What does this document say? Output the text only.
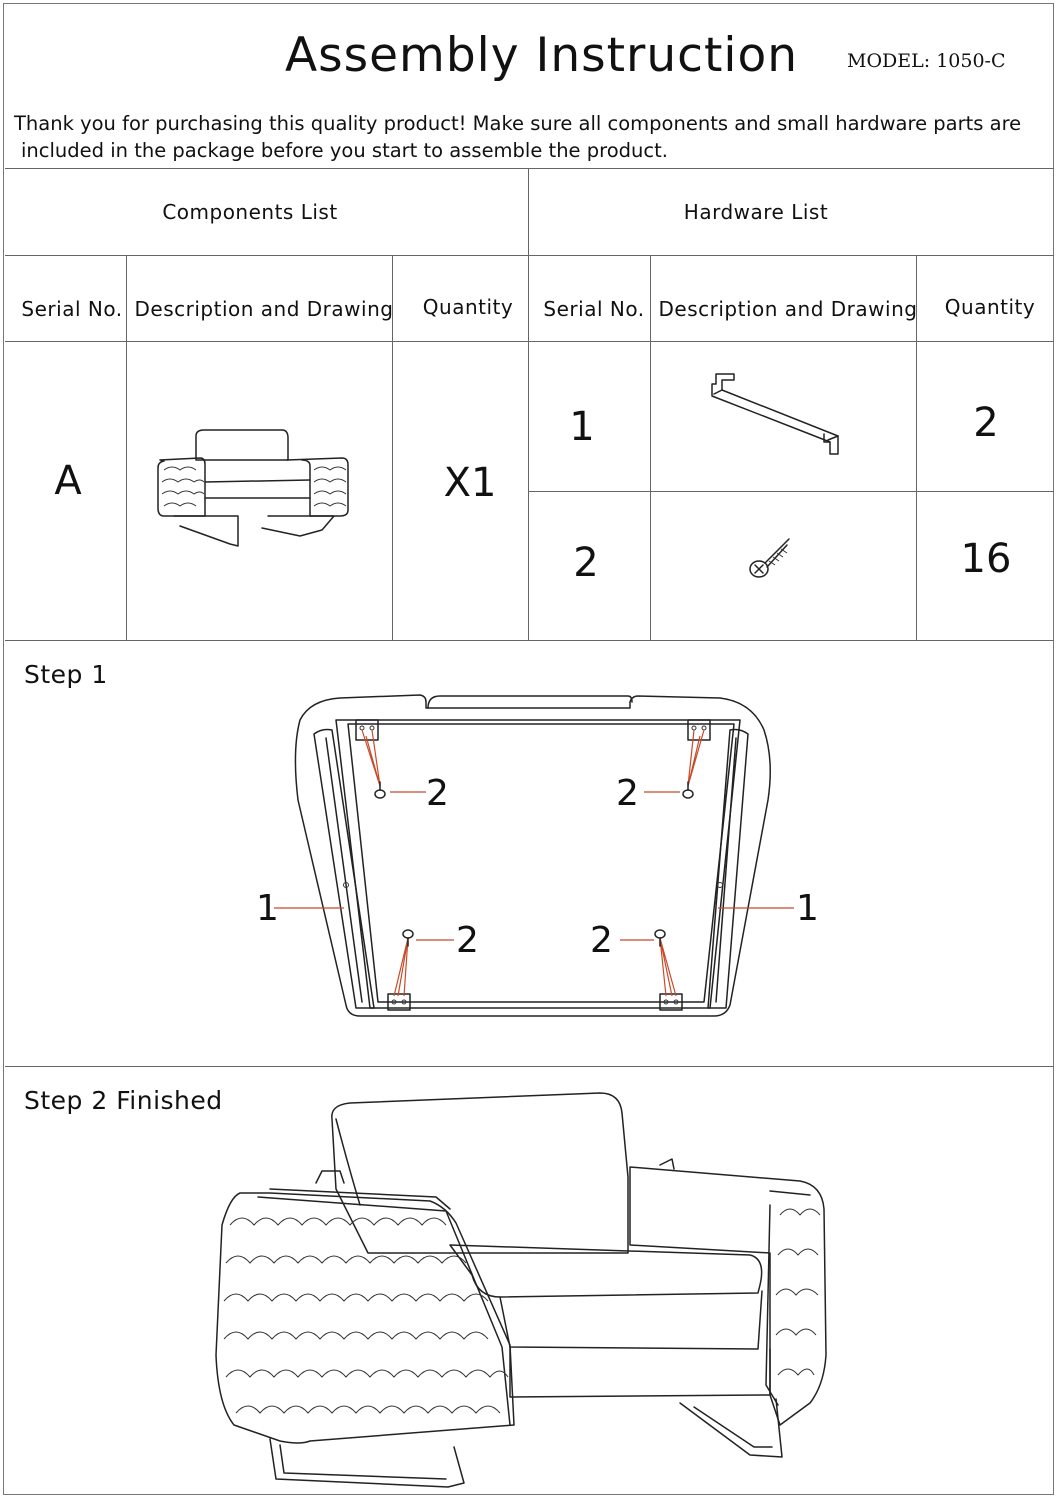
Assembly Instruction	MODEL: 1050-C
Thank you for purchasing this quality product! Make sure all components and small hardware parts are
included in the package before you start to assemble the product.
Components List	Hardware List
Serial No. Description and Drawing	Quantity	Serial No. Description and Drawing	Quantity
A	X1
1	2
2	16
Step 1
2	2
2	2
1	1
Step 2 Finished
